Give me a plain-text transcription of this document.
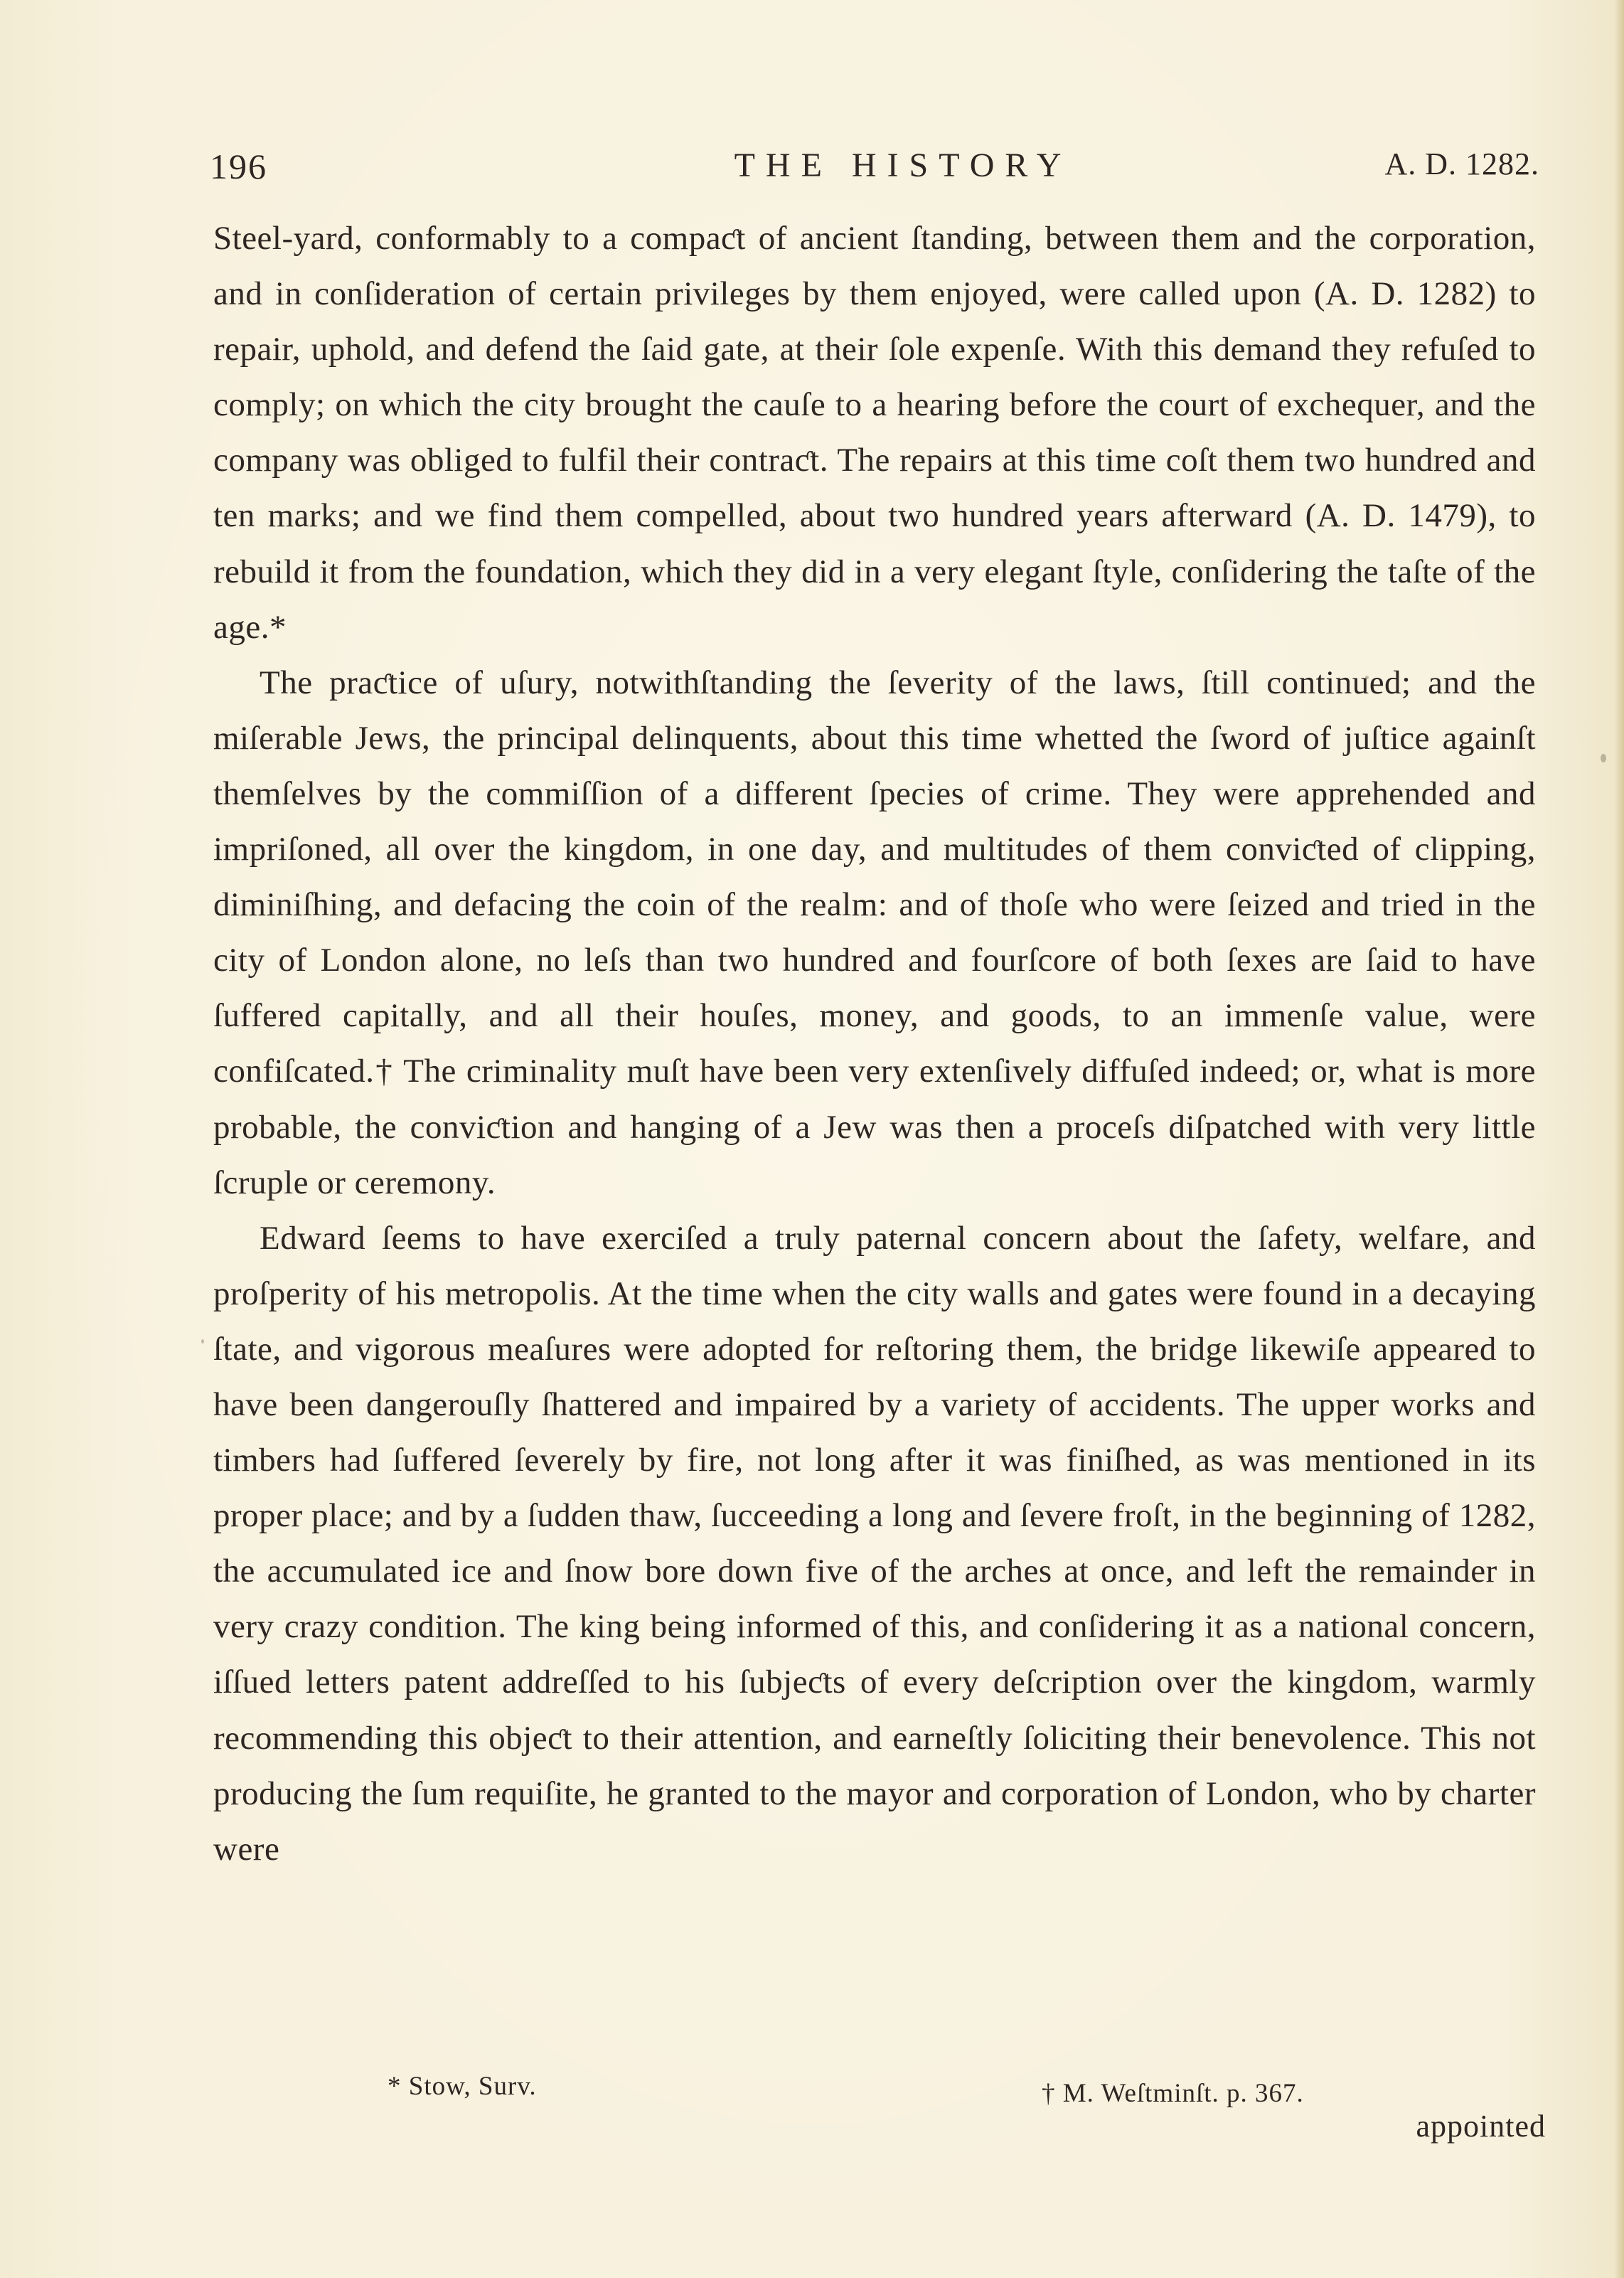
196	THE HISTORY	A. D. 1282.

Steel-yard, conformably to a compaƈt of ancient ſtanding, between them and the corporation, and in conſideration of certain privileges by them enjoyed, were called upon (A. D. 1282) to repair, uphold, and defend the ſaid gate, at their ſole expenſe. With this demand they refuſed to comply; on which the city brought the cauſe to a hearing before the court of exchequer, and the company was obliged to fulfil their contraƈt. The repairs at this time coſt them two hundred and ten marks; and we find them compelled, about two hundred years afterward (A. D. 1479), to rebuild it from the foundation, which they did in a very elegant ſtyle, conſidering the taſte of the age.*

The praƈtice of uſury, notwithſtanding the ſeverity of the laws, ſtill continued; and the miſerable Jews, the principal delinquents, about this time whetted the ſword of juſtice againſt themſelves by the commiſſion of a different ſpecies of crime. They were apprehended and impriſoned, all over the kingdom, in one day, and multitudes of them conviƈted of clipping, diminiſhing, and defacing the coin of the realm: and of thoſe who were ſeized and tried in the city of London alone, no leſs than two hundred and fourſcore of both ſexes are ſaid to have ſuffered capitally, and all their houſes, money, and goods, to an immenſe value, were confiſcated.† The criminality muſt have been very extenſively diffuſed indeed; or, what is more probable, the conviƈtion and hanging of a Jew was then a proceſs diſpatched with very little ſcruple or ceremony.

Edward ſeems to have exerciſed a truly paternal concern about the ſafety, welfare, and proſperity of his metropolis. At the time when the city walls and gates were found in a decaying ſtate, and vigorous meaſures were adopted for reſtoring them, the bridge likewiſe appeared to have been dangerouſly ſhattered and impaired by a variety of accidents. The upper works and timbers had ſuffered ſeverely by fire, not long after it was finiſhed, as was mentioned in its proper place; and by a ſudden thaw, ſucceeding a long and ſevere froſt, in the beginning of 1282, the accumulated ice and ſnow bore down five of the arches at once, and left the remainder in very crazy condition. The king being informed of this, and conſidering it as a national concern, iſſued letters patent addreſſed to his ſubjeƈts of every deſcription over the kingdom, warmly recommending this objeƈt to their attention, and earneſtly ſoliciting their benevolence. This not producing the ſum requiſite, he granted to the mayor and corporation of London, who by charter were

* Stow, Surv.	† M. Weſtminſt. p. 367.
appointed
